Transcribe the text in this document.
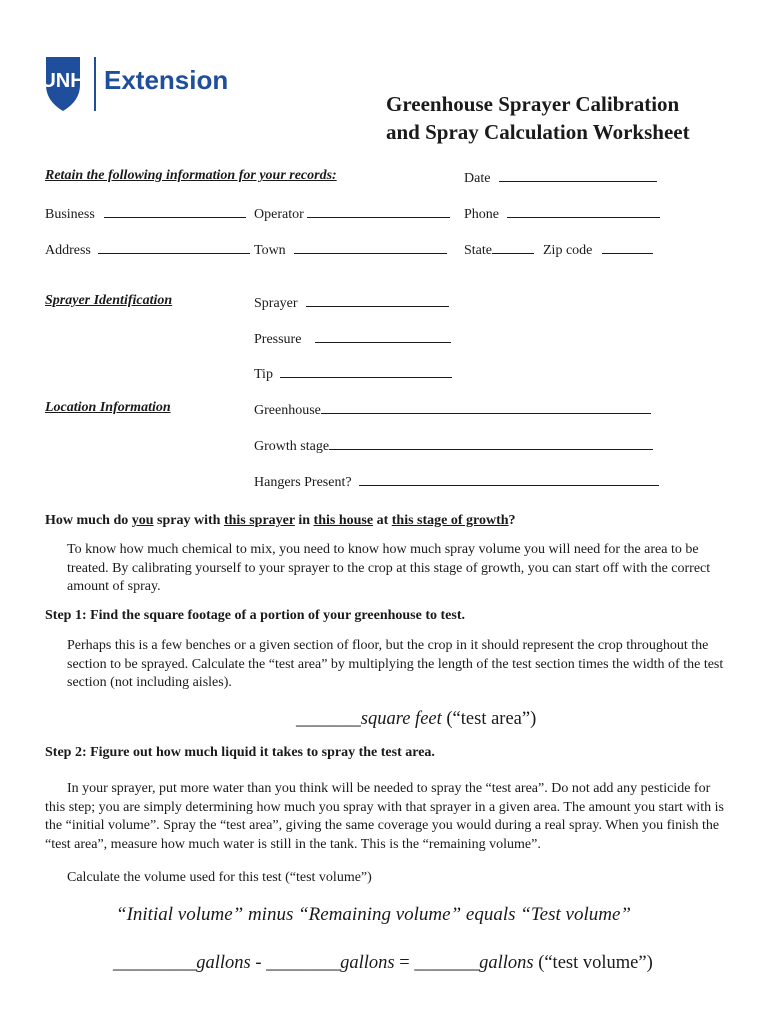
UNH Extension
Greenhouse Sprayer Calibration
and Spray Calculation Worksheet
Retain the following information for your records:	Date
Business	Operator	Phone
Address	Town	State	Zip code
Sprayer Identification	Sprayer
Pressure
Tip
Location Information	Greenhouse
Growth stage
Hangers Present?
How much do you spray with this sprayer in this house at this stage of growth?
To know how much chemical to mix, you need to know how much spray volume you will need for the area to be treated. By calibrating yourself to your sprayer to the crop at this stage of growth, you can start off with the correct amount of spray.
Step 1: Find the square footage of a portion of your greenhouse to test.
Perhaps this is a few benches or a given section of floor, but the crop in it should represent the crop throughout the section to be sprayed. Calculate the “test area” by multiplying the length of the test section times the width of the test section (not including aisles).
_______square feet (“test area”)
Step 2: Figure out how much liquid it takes to spray the test area.
In your sprayer, put more water than you think will be needed to spray the “test area”. Do not add any pesticide for this step; you are simply determining how much you spray with that sprayer in a given area. The amount you start with is the “initial volume”. Spray the “test area”, giving the same coverage you would during a real spray. When you finish the “test area”, measure how much water is still in the tank. This is the “remaining volume”.
Calculate the volume used for this test (“test volume”)
“Initial volume” minus “Remaining volume” equals “Test volume”
_________gallons - ________gallons = _______gallons (“test volume”)
